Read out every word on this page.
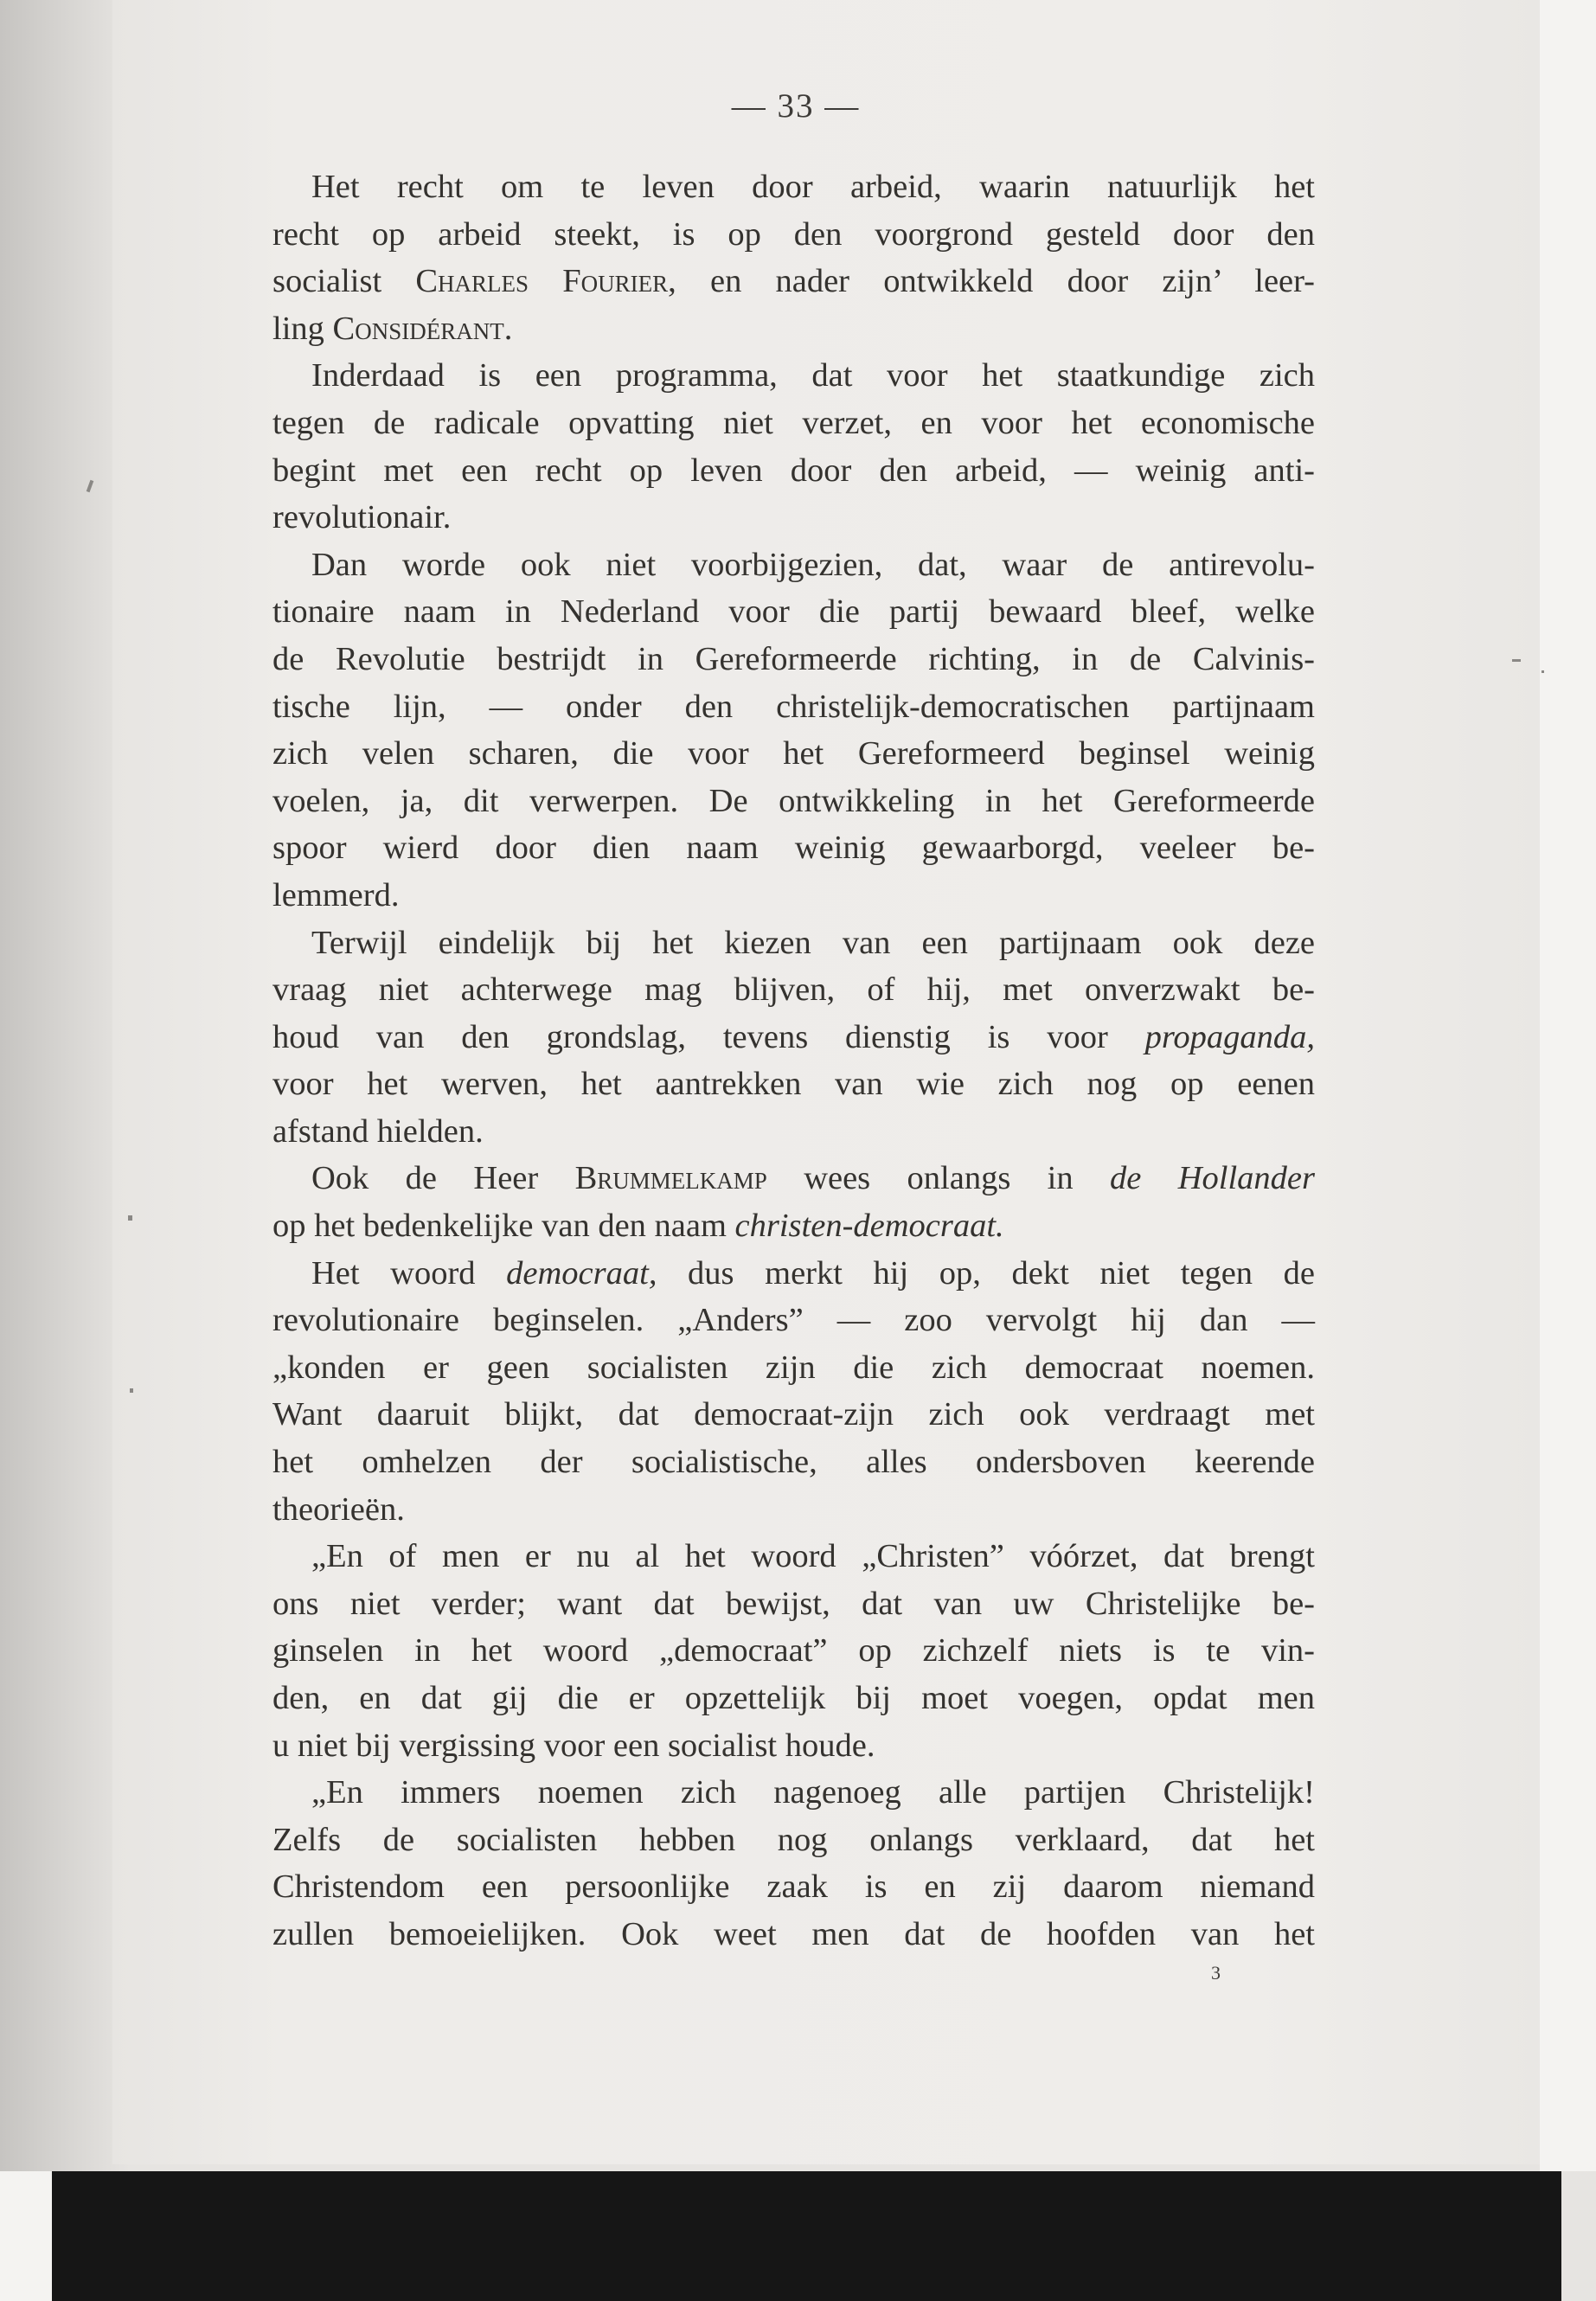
— 33 —
Het recht om te leven door arbeid, waarin natuurlijk het
recht op arbeid steekt, is op den voorgrond gesteld door den
socialist Charles Fourier, en nader ontwikkeld door zijn’ leer-
ling Considérant.
Inderdaad is een programma, dat voor het staatkundige zich
tegen de radicale opvatting niet verzet, en voor het economische
begint met een recht op leven door den arbeid, — weinig anti-
revolutionair.
Dan worde ook niet voorbijgezien, dat, waar de antirevolu-
tionaire naam in Nederland voor die partij bewaard bleef, welke
de Revolutie bestrijdt in Gereformeerde richting, in de Calvinis-
tische lijn, — onder den christelijk-democratischen partijnaam
zich velen scharen, die voor het Gereformeerd beginsel weinig
voelen, ja, dit verwerpen. De ontwikkeling in het Gereformeerde
spoor wierd door dien naam weinig gewaarborgd, veeleer be-
lemmerd.
Terwijl eindelijk bij het kiezen van een partijnaam ook deze
vraag niet achterwege mag blijven, of hij, met onverzwakt be-
houd van den grondslag, tevens dienstig is voor propaganda,
voor het werven, het aantrekken van wie zich nog op eenen
afstand hielden.
Ook de Heer Brummelkamp wees onlangs in de Hollander
op het bedenkelijke van den naam christen-democraat.
Het woord democraat, dus merkt hij op, dekt niet tegen de
revolutionaire beginselen. „Anders” — zoo vervolgt hij dan —
„konden er geen socialisten zijn die zich democraat noemen.
Want daaruit blijkt, dat democraat-zijn zich ook verdraagt met
het omhelzen der socialistische, alles ondersboven keerende
theorieën.
„En of men er nu al het woord „Christen” vóórzet, dat brengt
ons niet verder; want dat bewijst, dat van uw Christelijke be-
ginselen in het woord „democraat” op zichzelf niets is te vin-
den, en dat gij die er opzettelijk bij moet voegen, opdat men
u niet bij vergissing voor een socialist houde.
„En immers noemen zich nagenoeg alle partijen Christelijk!
Zelfs de socialisten hebben nog onlangs verklaard, dat het
Christendom een persoonlijke zaak is en zij daarom niemand
zullen bemoeielijken. Ook weet men dat de hoofden van het
3
